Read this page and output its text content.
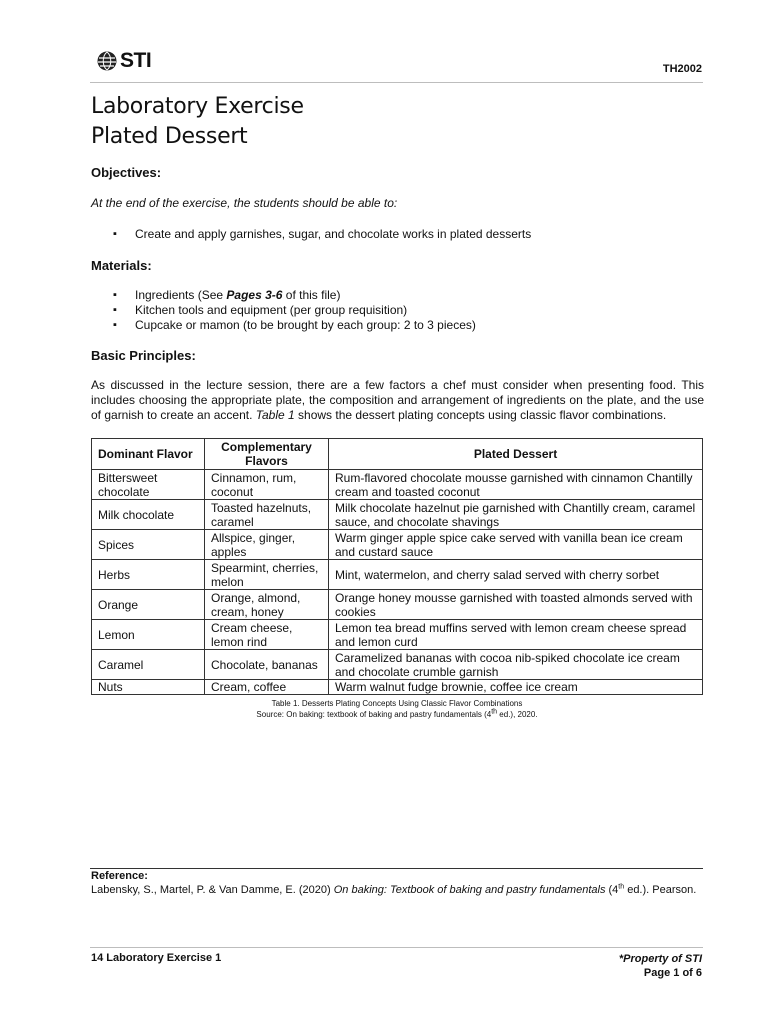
STI	TH2002
Laboratory Exercise
Plated Dessert
Objectives:
At the end of the exercise, the students should be able to:
▪ Create and apply garnishes, sugar, and chocolate works in plated desserts
Materials:
▪ Ingredients (See Pages 3-6 of this file)
▪ Kitchen tools and equipment (per group requisition)
▪ Cupcake or mamon (to be brought by each group: 2 to 3 pieces)
Basic Principles:
As discussed in the lecture session, there are a few factors a chef must consider when presenting food. This includes choosing the appropriate plate, the composition and arrangement of ingredients on the plate, and the use of garnish to create an accent. Table 1 shows the dessert plating concepts using classic flavor combinations.
Dominant Flavor	Complementary Flavors	Plated Dessert
Bittersweet chocolate	Cinnamon, rum, coconut	Rum-flavored chocolate mousse garnished with cinnamon Chantilly cream and toasted coconut
Milk chocolate	Toasted hazelnuts, caramel	Milk chocolate hazelnut pie garnished with Chantilly cream, caramel sauce, and chocolate shavings
Spices	Allspice, ginger, apples	Warm ginger apple spice cake served with vanilla bean ice cream and custard sauce
Herbs	Spearmint, cherries, melon	Mint, watermelon, and cherry salad served with cherry sorbet
Orange	Orange, almond, cream, honey	Orange honey mousse garnished with toasted almonds served with cookies
Lemon	Cream cheese, lemon rind	Lemon tea bread muffins served with lemon cream cheese spread and lemon curd
Caramel	Chocolate, bananas	Caramelized bananas with cocoa nib-spiked chocolate ice cream and chocolate crumble garnish
Nuts	Cream, coffee	Warm walnut fudge brownie, coffee ice cream
Table 1. Desserts Plating Concepts Using Classic Flavor Combinations
Source: On baking: textbook of baking and pastry fundamentals (4th ed.), 2020.
Reference:
Labensky, S., Martel, P. & Van Damme, E. (2020) On baking: Textbook of baking and pastry fundamentals (4th ed.). Pearson.
14 Laboratory Exercise 1	*Property of STI
Page 1 of 6
